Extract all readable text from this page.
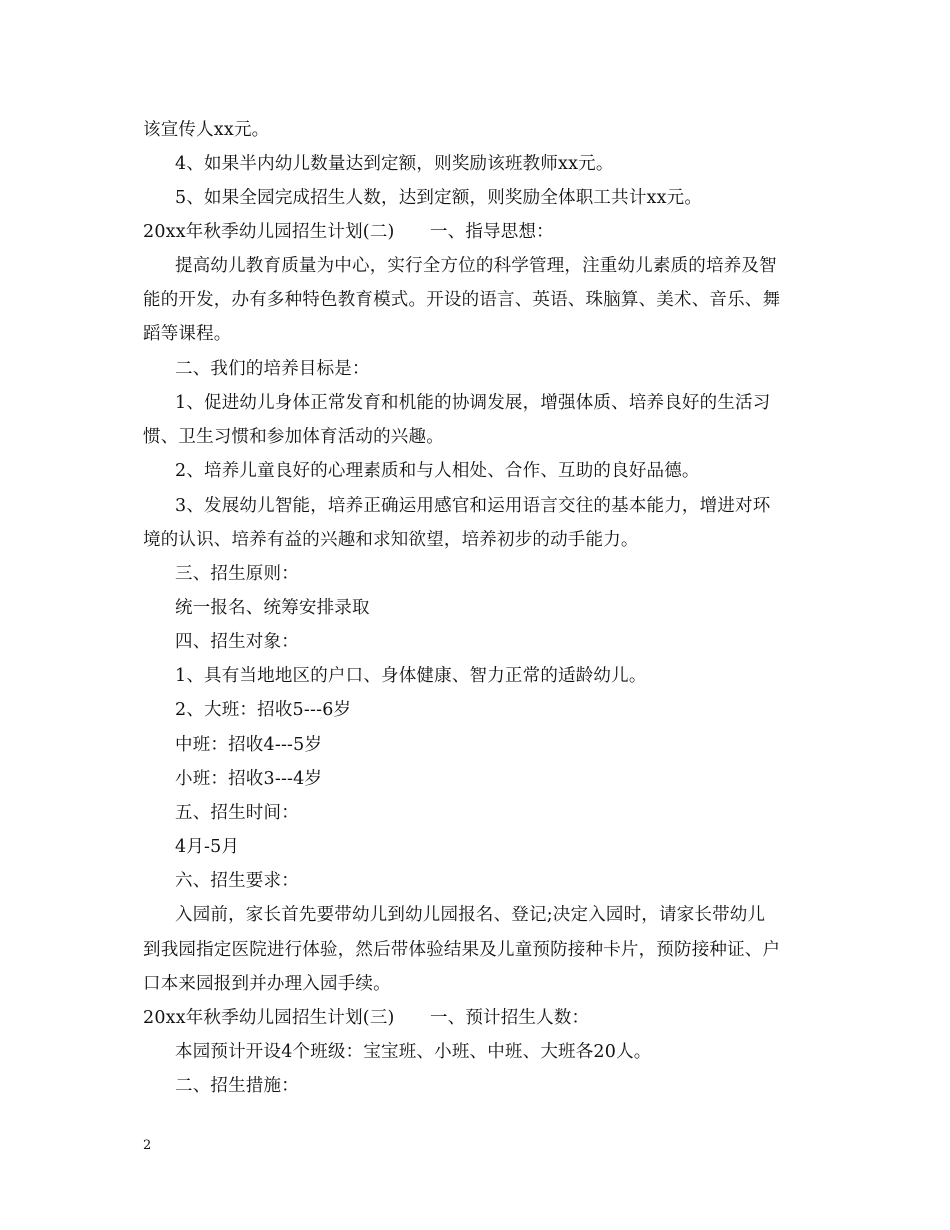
该宣传人xx元。
4、如果半内幼儿数量达到定额，则奖励该班教师xx元。
5、如果全园完成招生人数，达到定额，则奖励全体职工共计xx元。
20xx年秋季幼儿园招生计划(二)　　一、指导思想：
提高幼儿教育质量为中心，实行全方位的科学管理，注重幼儿素质的培养及智
能的开发，办有多种特色教育模式。开设的语言、英语、珠脑算、美术、音乐、舞
蹈等课程。
二、我们的培养目标是：
1、促进幼儿身体正常发育和机能的协调发展，增强体质、培养良好的生活习
惯、卫生习惯和参加体育活动的兴趣。
2、培养儿童良好的心理素质和与人相处、合作、互助的良好品德。
3、发展幼儿智能，培养正确运用感官和运用语言交往的基本能力，增进对环
境的认识、培养有益的兴趣和求知欲望，培养初步的动手能力。
三、招生原则：
统一报名、统筹安排录取
四、招生对象：
1、具有当地地区的户口、身体健康、智力正常的适龄幼儿。
2、大班：招收5---6岁
中班：招收4---5岁
小班：招收3---4岁
五、招生时间：
4月-5月
六、招生要求：
入园前，家长首先要带幼儿到幼儿园报名、登记;决定入园时，请家长带幼儿
到我园指定医院进行体验，然后带体验结果及儿童预防接种卡片，预防接种证、户
口本来园报到并办理入园手续。
20xx年秋季幼儿园招生计划(三)　　一、预计招生人数：
本园预计开设4个班级：宝宝班、小班、中班、大班各20人。
二、招生措施：
2
